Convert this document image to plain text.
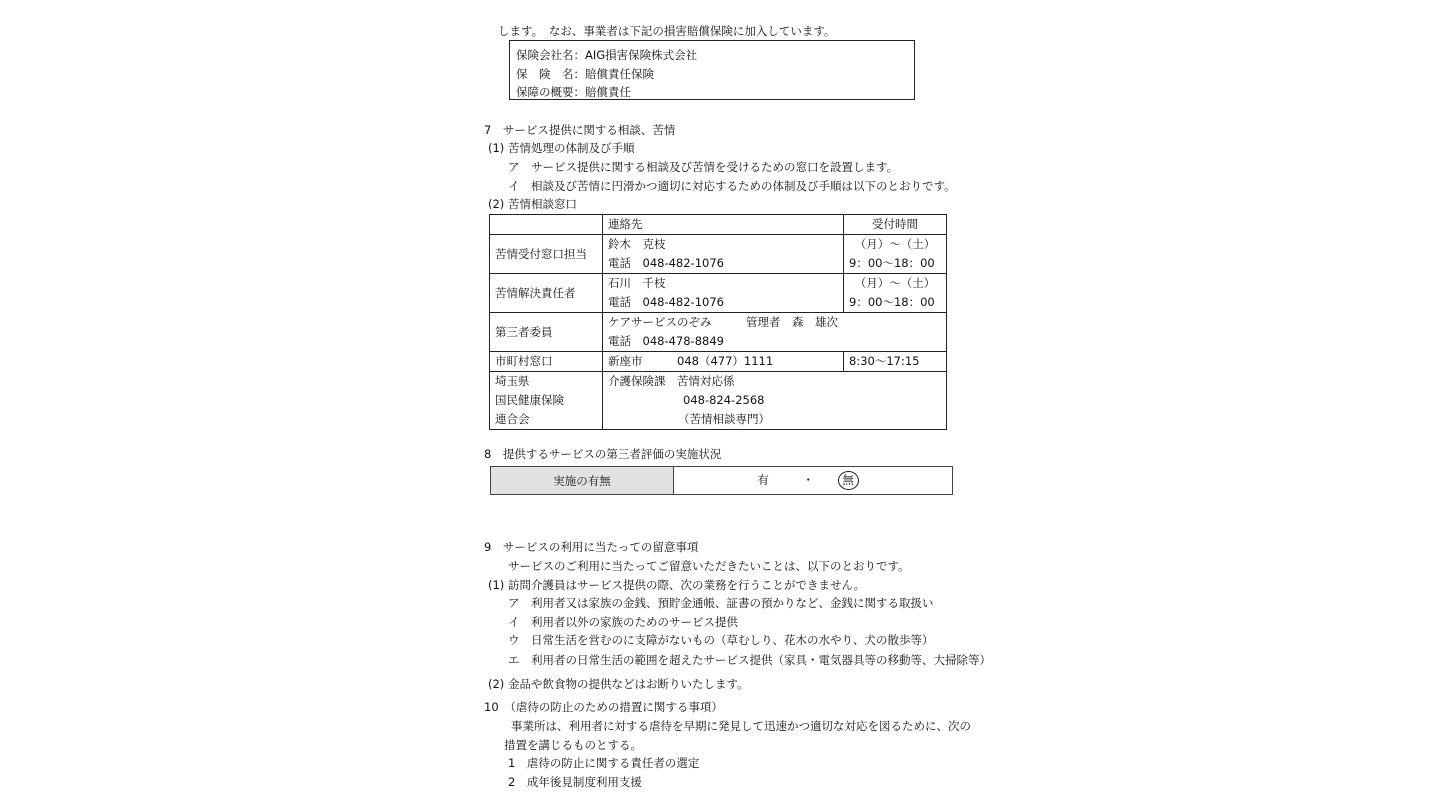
します。　なお、事業者は下記の損害賠償保険に加入しています。
保険会社名：AIG損害保険株式会社
保　険　名：賠償責任保険
保障の概要：賠償責任
7　サービス提供に関する相談、苦情
(1) 苦情処理の体制及び手順
ア　サービス提供に関する相談及び苦情を受けるための窓口を設置します。
イ　相談及び苦情に円滑かつ適切に対応するための体制及び手順は以下のとおりです。
(2) 苦情相談窓口
	連絡先	受付時間
苦情受付窓口担当	鈴木　克枝
電話　048-482-1076	（月）〜（土）
9：00〜18：00

苦情解決責任者	石川　千枝
電話　048-482-1076	（月）〜（土）
9：00〜18：00

第三者委員	ケアサービスのぞみ　　　管理者　森　雄次
電話　048-478-8849	

市町村窓口	新座市　　　048（477）1111	8:30〜17:15

埼玉県
国民健康保険
連合会	介護保険課　苦情対応係
048-824-2568
（苦情相談専門）	
8　提供するサービスの第三者評価の実施状況
実施の有無	有	・ 無
9　サービスの利用に当たっての留意事項
サービスのご利用に当たってご留意いただきたいことは、以下のとおりです。
(1) 訪問介護員はサービス提供の際、次の業務を行うことができません。
ア　利用者又は家族の金銭、預貯金通帳、証書の預かりなど、金銭に関する取扱い
イ　利用者以外の家族のためのサービス提供
ウ　日常生活を営むのに支障がないもの（草むしり、花木の水やり、犬の散歩等）
エ　利用者の日常生活の範囲を超えたサービス提供（家具・電気器具等の移動等、大掃除等）
(2) 金品や飲食物の提供などはお断りいたします。
10　（虐待の防止のための措置に関する事項）
事業所は、利用者に対する虐待を早期に発見して迅速かつ適切な対応を図るために、次の
措置を講じるものとする。
1　虐待の防止に関する責任者の選定
2　成年後見制度利用支援
